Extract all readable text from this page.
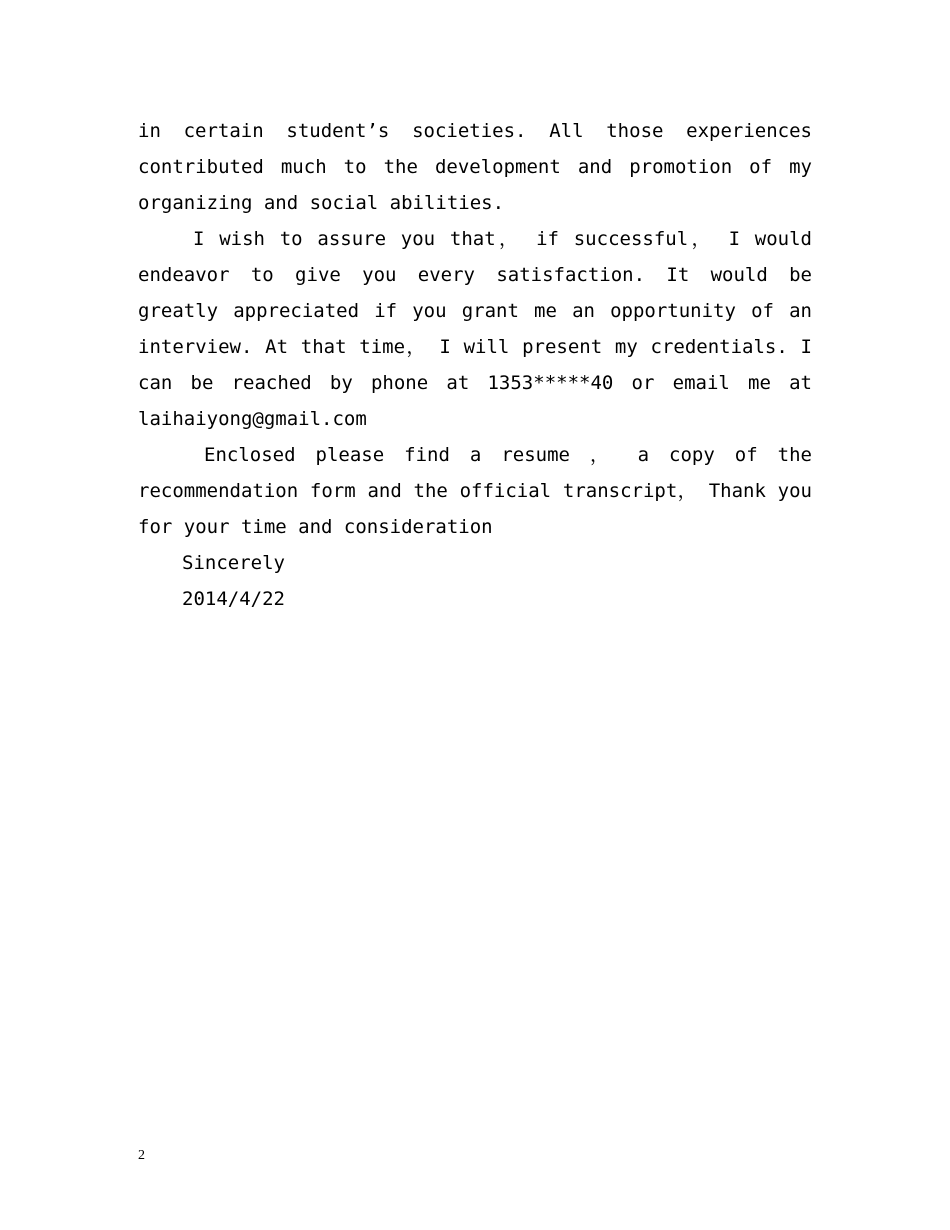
in certain student’s societies. All those experiences contributed much to the development and promotion of my organizing and social abilities.

I wish to assure you that， if successful， I would endeavor to give you every satisfaction. It would be greatly appreciated if you grant me an opportunity of an interview. At that time， I will present my credentials. I can be reached by phone at 1353*****40 or email me at laihaiyong@gmail.com

Enclosed please find a resume ， a copy of the recommendation form and the official transcript， Thank you for your time and consideration

Sincerely

2014/4/22

2
